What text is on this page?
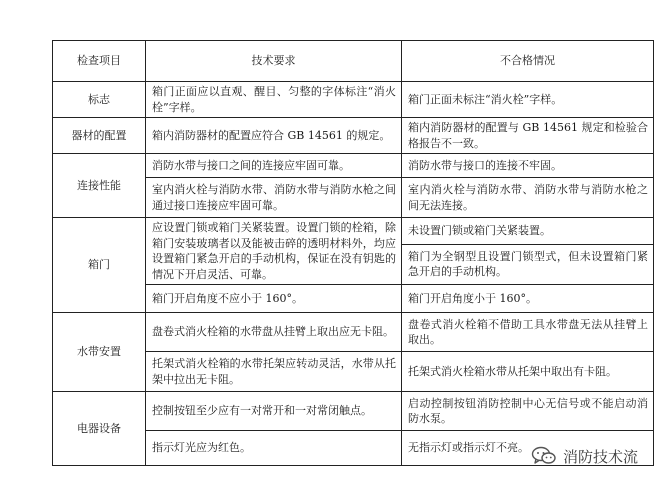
检查项目	技术要求	不合格情况
标志	箱门正面应以直观、醒目、匀整的字体标注“消火栓”字样。	箱门正面未标注“消火栓”字样。
器材的配置	箱内消防器材的配置应符合 GB 14561 的规定。	箱内消防器材的配置与 GB 14561 规定和检验合格报告不一致。
连接性能	消防水带与接口之间的连接应牢固可靠。	消防水带与接口的连接不牢固。
	室内消火栓与消防水带、消防水带与消防水枪之间通过接口连接应牢固可靠。	室内消火栓与消防水带、消防水带与消防水枪之间无法连接。
箱门	应设置门锁或箱门关紧装置。设置门锁的栓箱，除箱门安装玻璃者以及能被击碎的透明材料外，均应设置箱门紧急开启的手动机构，保证在没有钥匙的情况下开启灵活、可靠。	未设置门锁或箱门关紧装置。
		箱门为全钢型且设置门锁型式，但未设置箱门紧急开启的手动机构。
	箱门开启角度不应小于 160°。	箱门开启角度小于 160°。
水带安置	盘卷式消火栓箱的水带盘从挂臂上取出应无卡阻。	盘卷式消火栓箱不借助工具水带盘无法从挂臂上取出。
	托架式消火栓箱的水带托架应转动灵活，水带从托架中拉出无卡阻。	托架式消火栓箱水带从托架中取出有卡阻。
电器设备	控制按钮至少应有一对常开和一对常闭触点。	启动控制按钮消防控制中心无信号或不能启动消防水泵。
	指示灯光应为红色。	无指示灯或指示灯不亮。 消防技术流
